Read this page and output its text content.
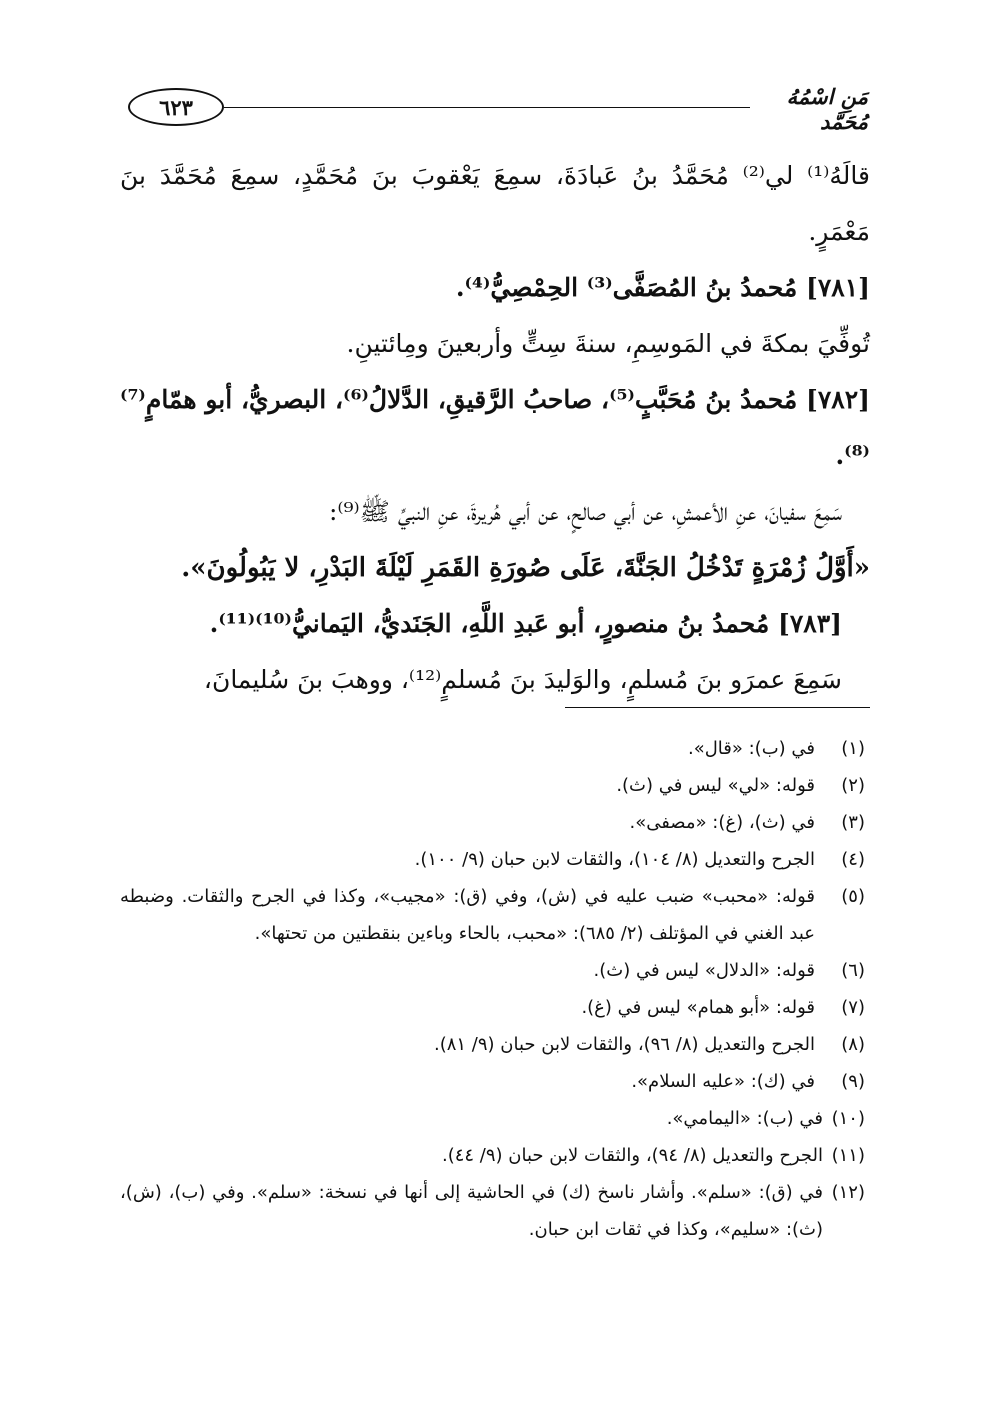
٦٢٣	مَنِ اسْمُهُ مُحَمَّد

قالَهُ⁽¹⁾ لي⁽²⁾ مُحَمَّدُ بنُ عَبادَةَ، سمِعَ يَعْقوبَ بنَ مُحَمَّدٍ، سمِعَ مُحَمَّدَ بنَ مَعْمَرٍ.

[٧٨١] مُحمدُ بنُ المُصَفَّى⁽³⁾ الحِمْصِيُّ⁽⁴⁾.

تُوفِّيَ بمكةَ في المَوسِمِ، سنةَ سِتٍّ وأربعينَ ومِائتينِ.

[٧٨٢] مُحمدُ بنُ مُحَبَّبٍ⁽⁵⁾، صاحبُ الرَّقيقِ، الدَّلالُ⁽⁶⁾، البصريُّ، أبو همّامٍ⁽⁷⁾⁽⁸⁾.

سَمِعَ سفيانَ، عنِ الأعمشِ، عن أبي صالحٍ، عن أبي هُريرةَ، عنِ النبيِّ ﷺ⁽⁹⁾:

«أَوَّلُ زُمْرَةٍ تَدْخُلُ الجَنَّةَ، عَلَى صُورَةِ القَمَرِ لَيْلَةَ البَدْرِ، لا يَبُولُونَ».

[٧٨٣] مُحمدُ بنُ منصورٍ، أبو عَبدِ اللَّهِ، الجَنَديُّ، اليَمانيُّ⁽¹⁰⁾⁽¹¹⁾.

سَمِعَ عمرَو بنَ مُسلمٍ، والوَليدَ بنَ مُسلمٍ⁽¹²⁾، ووهبَ بنَ سُليمانَ،

(١)
في (ب): «قال».
(٢)
قوله: «لي» ليس في (ث).
(٣)
في (ث)، (غ): «مصفى».
(٤)
الجرح والتعديل (٨/ ١٠٤)، والثقات لابن حبان (٩/ ١٠٠).
(٥)
قوله: «محبب» ضبب عليه في (ش)، وفي (ق): «مجيب»، وكذا في الجرح والثقات. وضبطه عبد الغني في المؤتلف (٢/ ٦٨٥): «محبب، بالحاء وباءين بنقطتين من تحتها».
(٦)
قوله: «الدلال» ليس في (ث).
(٧)
قوله: «أبو همام» ليس في (غ).
(٨)
الجرح والتعديل (٨/ ٩٦)، والثقات لابن حبان (٩/ ٨١).
(٩)
في (ك): «عليه السلام».
(١٠)
في (ب): «اليمامي».
(١١)
الجرح والتعديل (٨/ ٩٤)، والثقات لابن حبان (٩/ ٤٤).
(١٢)
في (ق): «سلم». وأشار ناسخ (ك) في الحاشية إلى أنها في نسخة: «سلم». وفي (ب)، (ش)، (ث): «سليم»، وكذا في ثقات ابن حبان.
